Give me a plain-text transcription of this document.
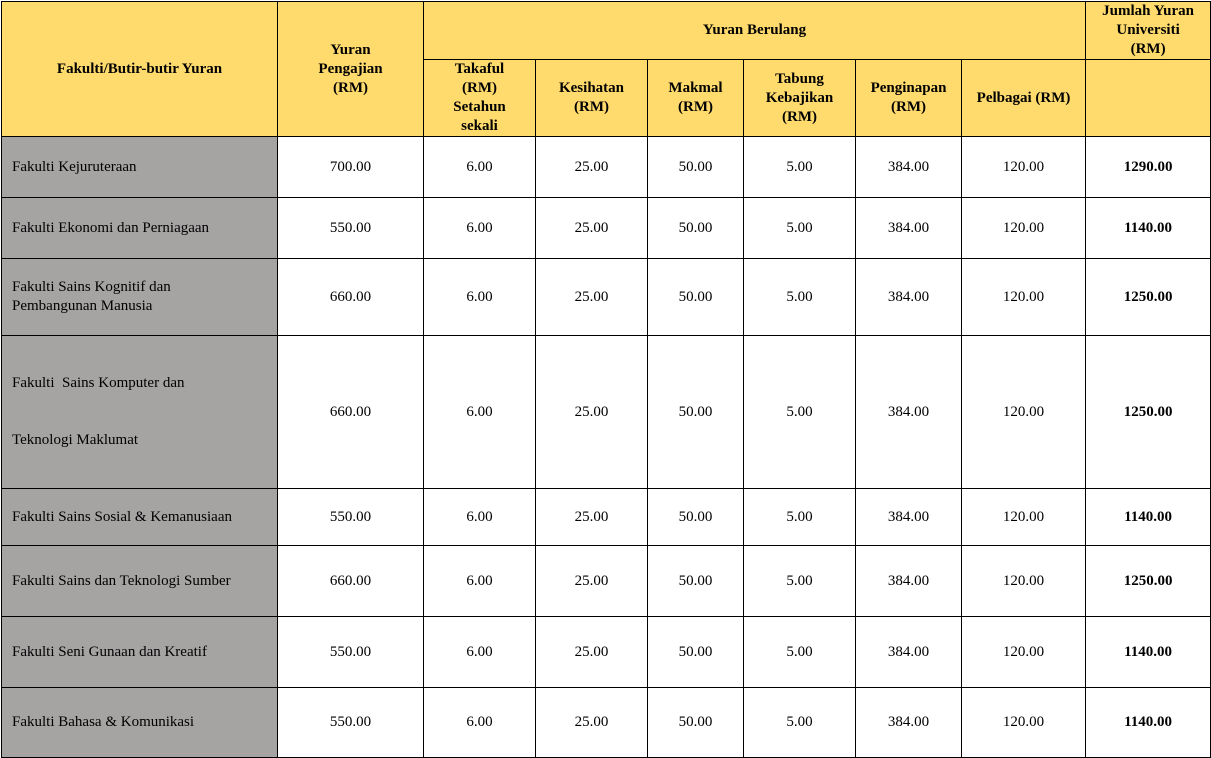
Fakulti/Butir-butir Yuran	Yuran
Pengajian
(RM)	Yuran Berulang						Jumlah Yuran
Universiti
(RM)

		Takaful
(RM)
Setahun
sekali	Kesihatan
(RM)	Makmal
(RM)	Tabung
Kebajikan
(RM)	Penginapan
(RM)	Pelbagai (RM)	

Fakulti Kejuruteraan	700.00	6.00	25.00	50.00	5.00	384.00	120.00	1290.00

Fakulti Ekonomi dan Perniagaan	550.00	6.00	25.00	50.00	5.00	384.00	120.00	1140.00

Fakulti Sains Kognitif dan
Pembangunan Manusia	660.00	6.00	25.00	50.00	5.00	384.00	120.00	1250.00

Fakulti  Sains Komputer dan

Teknologi Maklumat	660.00	6.00	25.00	50.00	5.00	384.00	120.00	1250.00

Fakulti Sains Sosial & Kemanusiaan	550.00	6.00	25.00	50.00	5.00	384.00	120.00	1140.00

Fakulti Sains dan Teknologi Sumber	660.00	6.00	25.00	50.00	5.00	384.00	120.00	1250.00

Fakulti Seni Gunaan dan Kreatif	550.00	6.00	25.00	50.00	5.00	384.00	120.00	1140.00

Fakulti Bahasa & Komunikasi	550.00	6.00	25.00	50.00	5.00	384.00	120.00	1140.00
